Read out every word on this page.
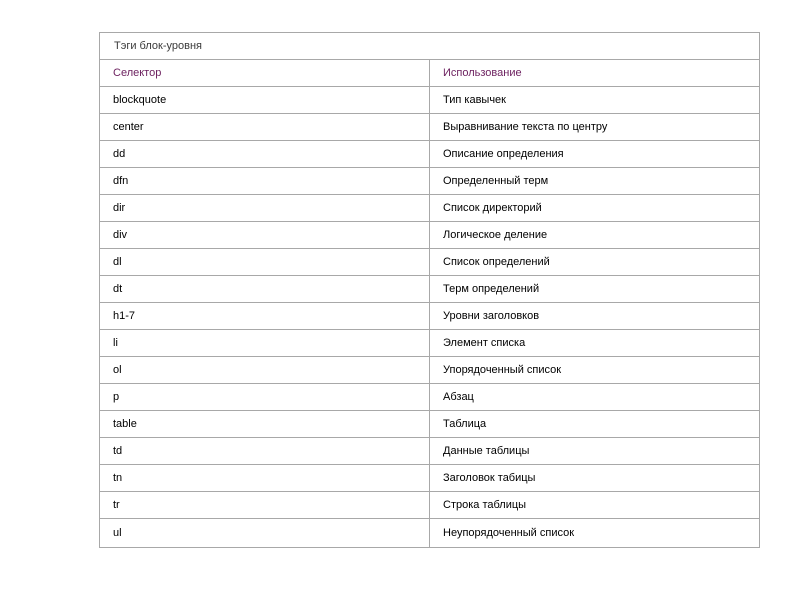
Тэги блок-уровня	
Селектор	Использование
blockquote	Тип кавычек
center	Выравнивание текста по центру
dd	Описание определения
dfn	Определенный терм
dir	Список директорий
div	Логическое деление
dl	Список определений
dt	Терм определений
h1-7	Уровни заголовков
li	Элемент списка
ol	Упорядоченный список
p	Абзац
table	Таблица
td	Данные таблицы
tn	Заголовок табицы
tr	Строка таблицы
ul	Неупорядоченный список
